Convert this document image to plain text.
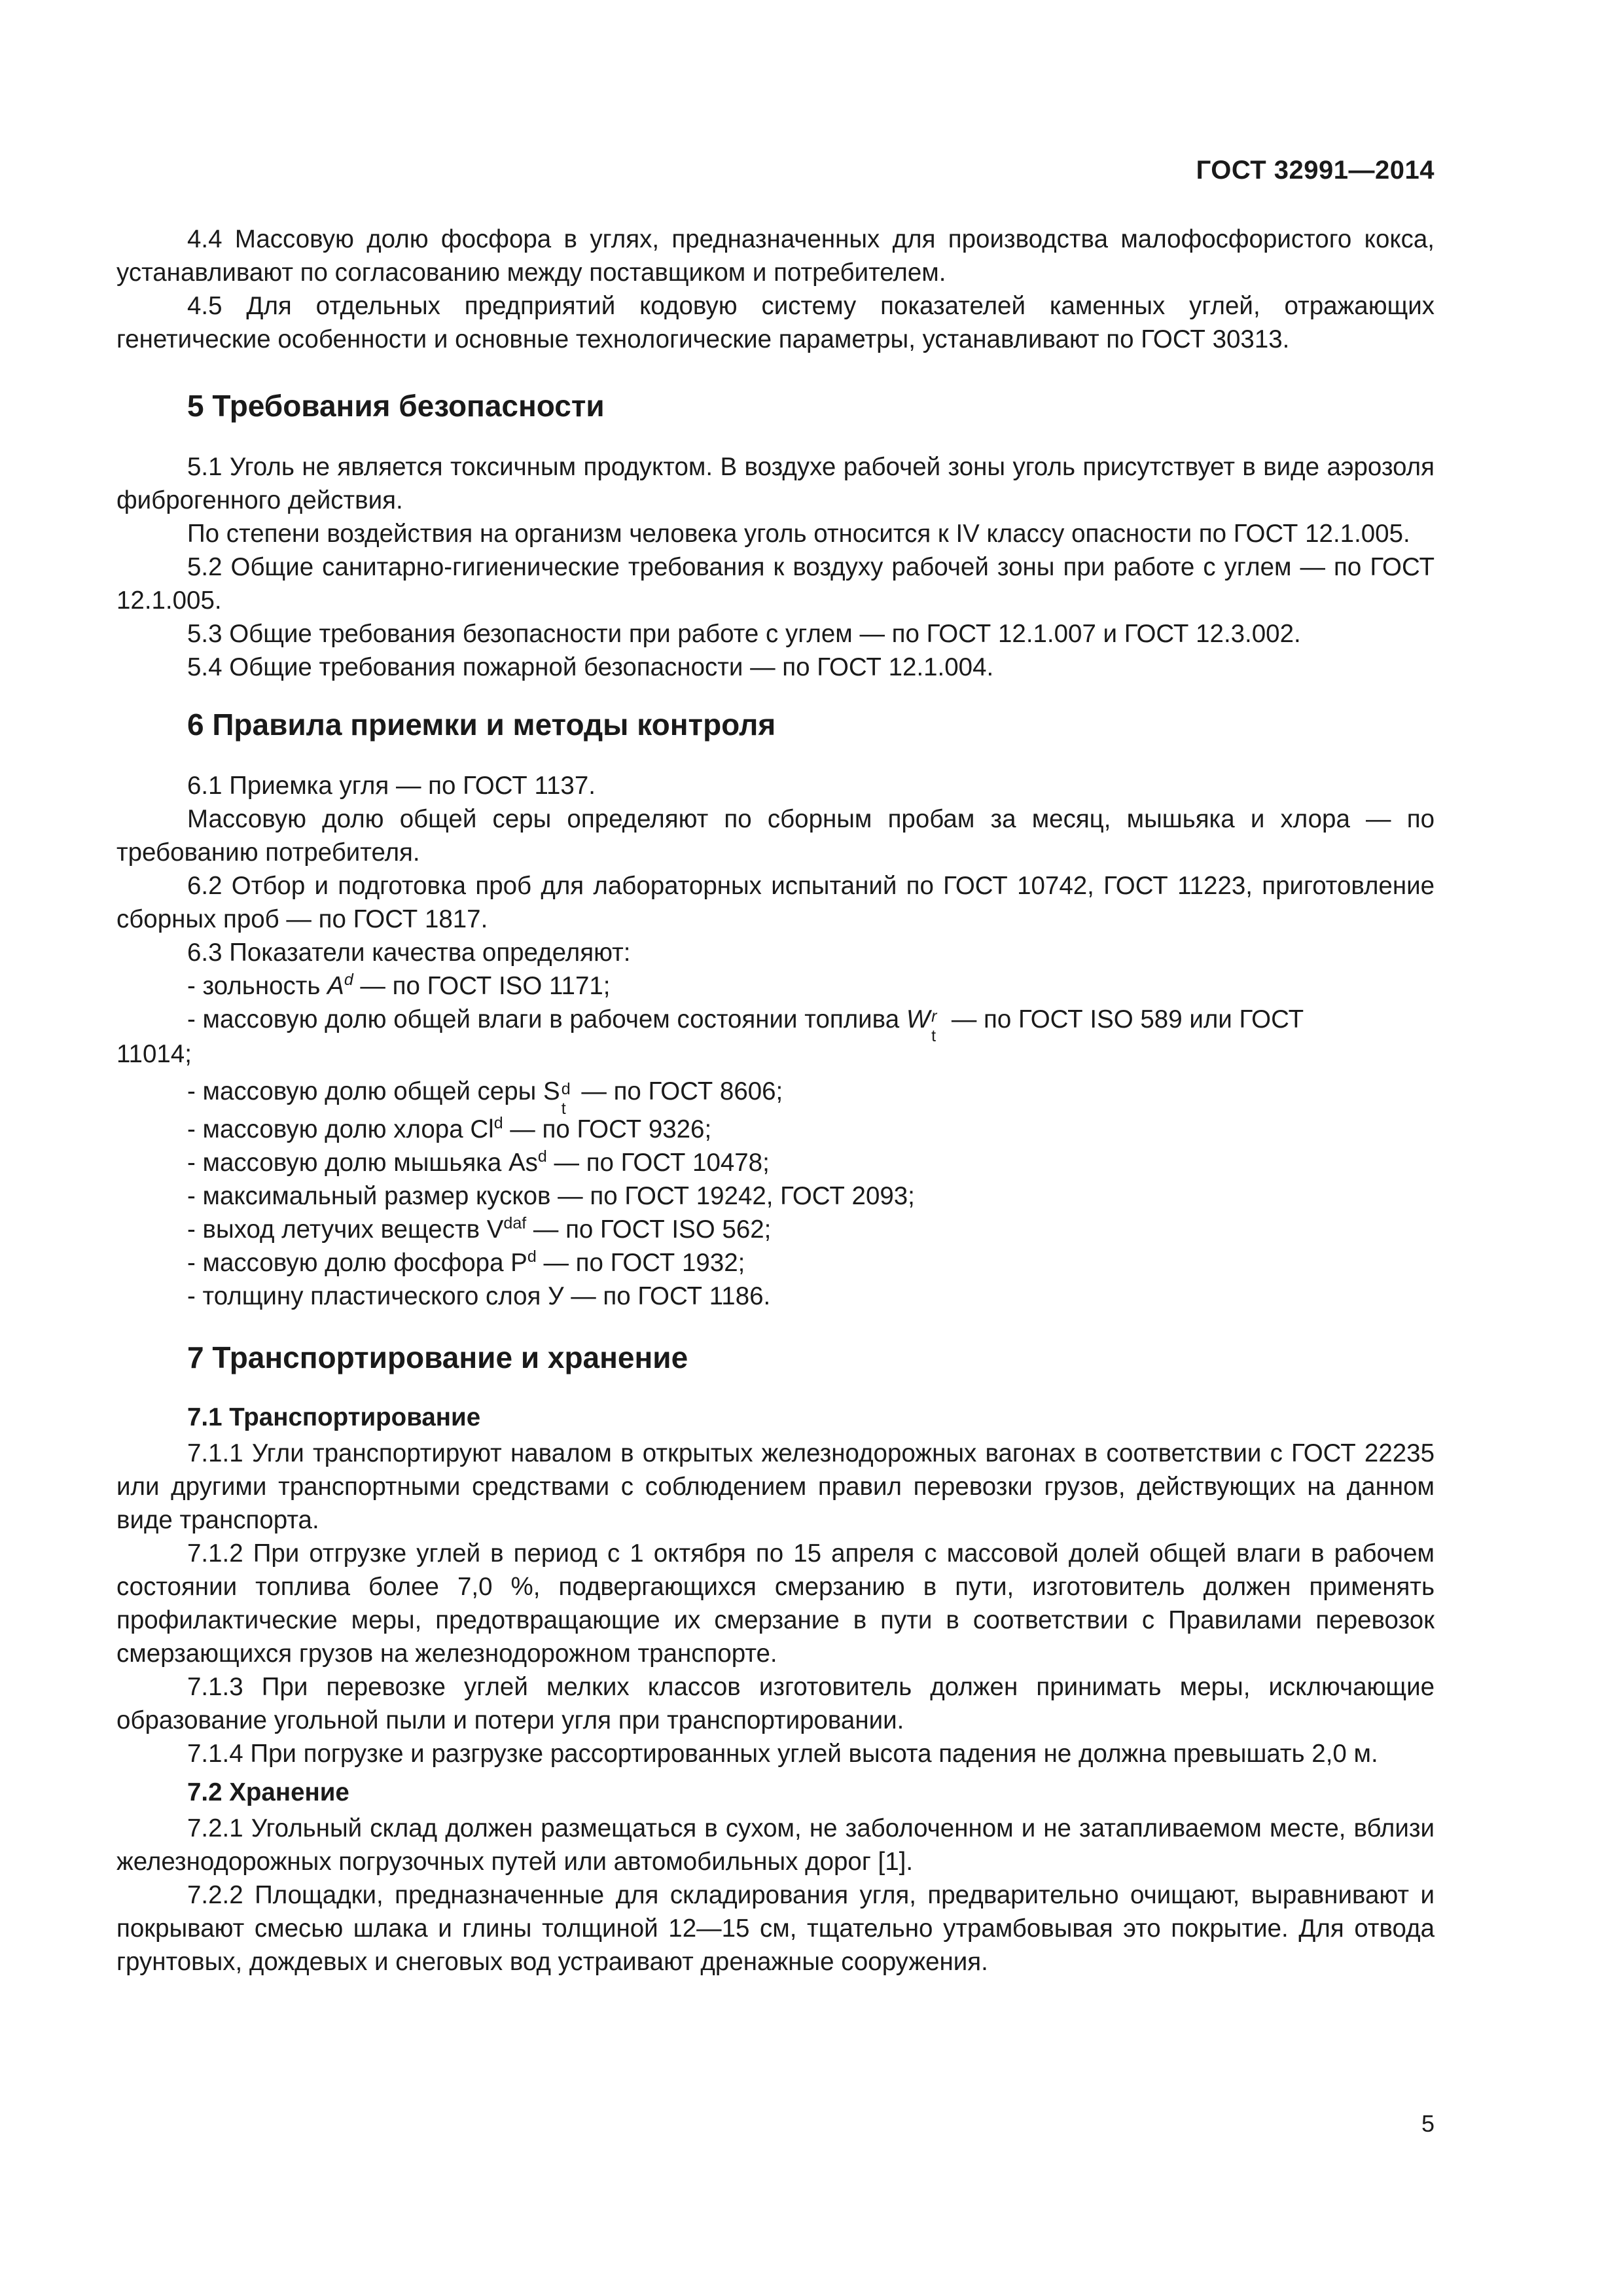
ГОСТ 32991—2014

4.4 Массовую долю фосфора в углях, предназначенных для производства малофосфористого кокса, устанавливают по согласованию между поставщиком и потребителем.

4.5 Для отдельных предприятий кодовую систему показателей каменных углей, отражающих генетические особенности и основные технологические параметры, устанавливают по ГОСТ 30313.

5 Требования безопасности

5.1 Уголь не является токсичным продуктом. В воздухе рабочей зоны уголь присутствует в виде аэрозоля фиброгенного действия.

По степени воздействия на организм человека уголь относится к IV классу опасности по ГОСТ 12.1.005.

5.2 Общие санитарно-гигиенические требования к воздуху рабочей зоны при работе с углем — по ГОСТ 12.1.005.

5.3 Общие требования безопасности при работе с углем — по ГОСТ 12.1.007 и ГОСТ 12.3.002.

5.4 Общие требования пожарной безопасности — по ГОСТ 12.1.004.

6 Правила приемки и методы контроля

6.1 Приемка угля — по ГОСТ 1137.

Массовую долю общей серы определяют по сборным пробам за месяц, мышьяка и хлора — по требованию потребителя.

6.2 Отбор и подготовка проб для лабораторных испытаний по ГОСТ 10742, ГОСТ 11223, приготовление сборных проб — по ГОСТ 1817.

6.3 Показатели качества определяют:

- зольность $A^d$ — по ГОСТ ISO 1171;

- массовую долю общей влаги в рабочем состоянии топлива W r
t
— по ГОСТ ISO 589 или ГОСТ
11014;

- массовую долю общей серы S d
t
— по ГОСТ 8606;

- массовую долю хлора Cl$^d$ — по ГОСТ 9326;

- массовую долю мышьяка As$^d$ — по ГОСТ 10478;

- максимальный размер кусков — по ГОСТ 19242, ГОСТ 2093;

- выход летучих веществ $V^{daf}$ — по ГОСТ ISO 562;

- массовую долю фосфора $P^d$ — по ГОСТ 1932;

- толщину пластического слоя У — по ГОСТ 1186.

7 Транспортирование и хранение
7.1 Транспортирование

7.1.1 Угли транспортируют навалом в открытых железнодорожных вагонах в соответствии с ГОСТ 22235 или другими транспортными средствами с соблюдением правил перевозки грузов, действующих на данном виде транспорта.

7.1.2 При отгрузке углей в период с 1 октября по 15 апреля с массовой долей общей влаги в рабочем состоянии топлива более 7,0 %, подвергающихся смерзанию в пути, изготовитель должен применять профилактические меры, предотвращающие их смерзание в пути в соответствии с Правилами перевозок смерзающихся грузов на железнодорожном транспорте.

7.1.3 При перевозке углей мелких классов изготовитель должен принимать меры, исключающие образование угольной пыли и потери угля при транспортировании.

7.1.4 При погрузке и разгрузке рассортированных углей высота падения не должна превышать 2,0 м.

7.2 Хранение

7.2.1 Угольный склад должен размещаться в сухом, не заболоченном и не затапливаемом месте, вблизи железнодорожных погрузочных путей или автомобильных дорог [1].

7.2.2 Площадки, предназначенные для складирования угля, предварительно очищают, выравнивают и покрывают смесью шлака и глины толщиной 12—15 см, тщательно утрамбовывая это покрытие. Для отвода грунтовых, дождевых и снеговых вод устраивают дренажные сооружения.

5
